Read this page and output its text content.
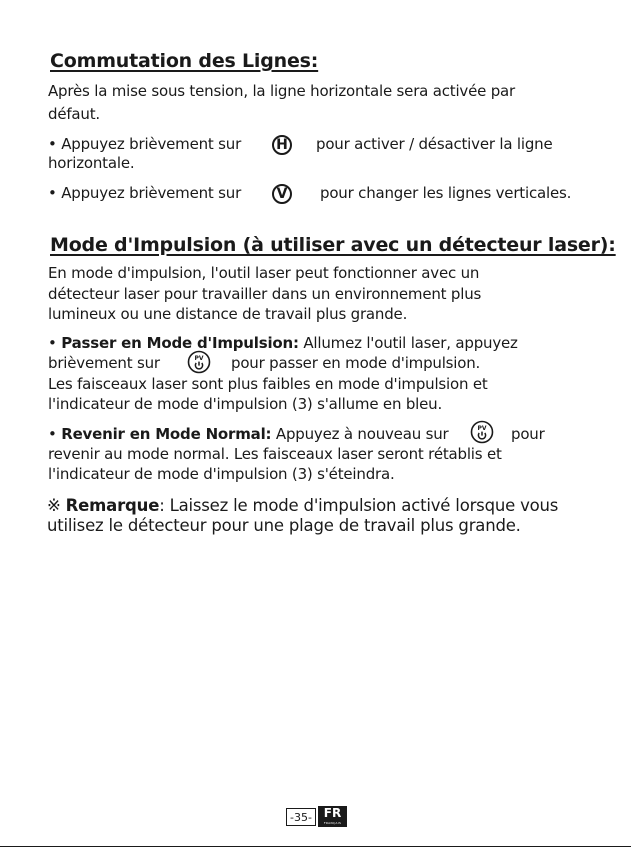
Commutation des Lignes:

Après la mise sous tension, la ligne horizontale sera activée par

défaut.

• Appuyez brièvement sur	H pour activer / désactiver la ligne

horizontale.

• Appuyez brièvement sur	V pour changer les lignes verticales.

Mode d'Impulsion (à utiliser avec un détecteur laser):

En mode d'impulsion, l'outil laser peut fonctionner avec un

détecteur laser pour travailler dans un environnement plus

lumineux ou une distance de travail plus grande.

• Passer en Mode d'Impulsion: Allumez l'outil laser, appuyez

brièvement sur	PV pour passer en mode d'impulsion.

Les faisceaux laser sont plus faibles en mode d'impulsion et

l'indicateur de mode d'impulsion (3) s'allume en bleu.

• Revenir en Mode Normal: Appuyez à nouveau sur	PV pour

revenir au mode normal. Les faisceaux laser seront rétablis et

l'indicateur de mode d'impulsion (3) s'éteindra.

※ Remarque: Laissez le mode d'impulsion activé lorsque vous

utilisez le détecteur pour une plage de travail plus grande.

-35- FR
FRANÇAIS
